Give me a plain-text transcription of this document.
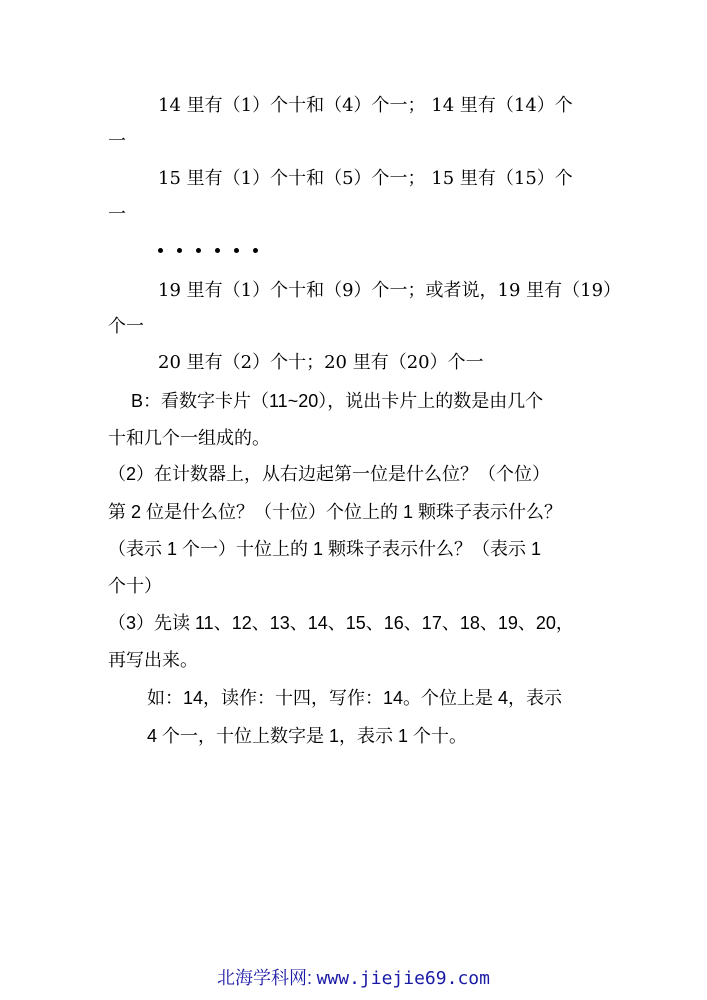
14 里有（1）个十和（4）个一； 14 里有（14）个
一
15 里有（1）个十和（5）个一； 15 里有（15）个
一
19 里有（1）个十和（9）个一；或者说，19 里有（19）
个一
20 里有（2）个十；20 里有（20）个一
B：看数字卡片（11~20），说出卡片上的数是由几个
十和几个一组成的。
（2）在计数器上，从右边起第一位是什么位？（个位）
第 2 位是什么位？（十位）个位上的 1 颗珠子表示什么？
（表示 1 个一）十位上的 1 颗珠子表示什么？（表示 1
个十）
（3）先读 11、12、13、14、15、16、17、18、19、20，
再写出来。
如：14，读作：十四，写作：14。个位上是 4，表示
4 个一，十位上数字是 1，表示 1 个十。
北海学科网: www.jiejie69.com
